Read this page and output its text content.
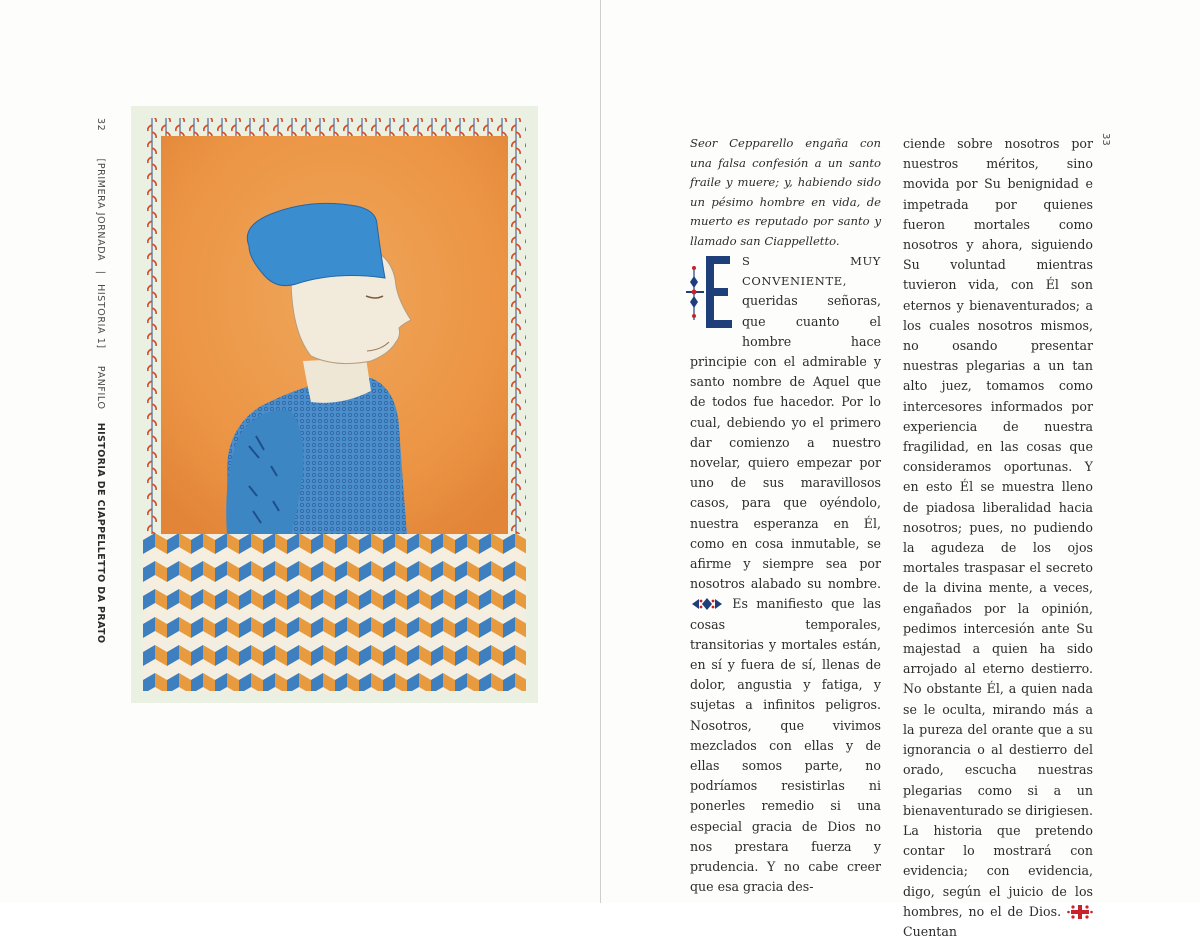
32  [PRIMERA JORNADA | HISTORIA 1]  PANFILO  HISTORIA DE CIAPPELLETTO DA PRATO
33

Seor Cepparello engaña con una falsa confesión a un santo fraile y muere; y, habiendo sido un pésimo hombre en vida, de muerto es reputado por santo y llamado san Ciappelletto.

S MUY CONVENIENTE, queridas señoras, que cuanto el hombre hace principie con el admirable y santo nombre de Aquel que de todos fue hacedor. Por lo cual, debiendo yo el primero dar comienzo a nuestro novelar, quiero empezar por uno de sus maravillosos casos, para que oyéndolo, nuestra esperanza en Él, como en cosa inmutable, se afirme y siempre sea por nosotros alabado su nombre.  Es manifiesto que las cosas temporales, transitorias y mortales están, en sí y fuera de sí, llenas de dolor, angustia y fatiga, y sujetas a infinitos peligros. Nosotros, que vivimos mezclados con ellas y de ellas somos parte, no podríamos resistirlas ni ponerles remedio si una especial gracia de Dios no nos prestara fuerza y prudencia. Y no cabe creer que esa gracia des-

ciende sobre nosotros por nuestros méritos, sino movida por Su benignidad e impetrada por quienes fueron mortales como nosotros y ahora, siguiendo Su voluntad mientras tuvieron vida, con Él son eternos y bienaventurados; a los cuales nosotros mismos, no osando presentar nuestras plegarias a un tan alto juez, tomamos como intercesores informados por experiencia de nuestra fragilidad, en las cosas que consideramos oportunas. Y en esto Él se muestra lleno de piadosa liberalidad hacia nosotros; pues, no pudiendo la agudeza de los ojos mortales traspasar el secreto de la divina mente, a veces, engañados por la opinión, pedimos intercesión ante Su majestad a quien ha sido arrojado al eterno destierro. No obstante Él, a quien nada se le oculta, mirando más a la pureza del orante que a su ignorancia o al destierro del orado, escucha nuestras plegarias como si a un bienaventurado se dirigiesen. La historia que pretendo contar lo mostrará con evidencia; con evidencia, digo, según el juicio de los hombres, no el de Dios.  Cuentan
